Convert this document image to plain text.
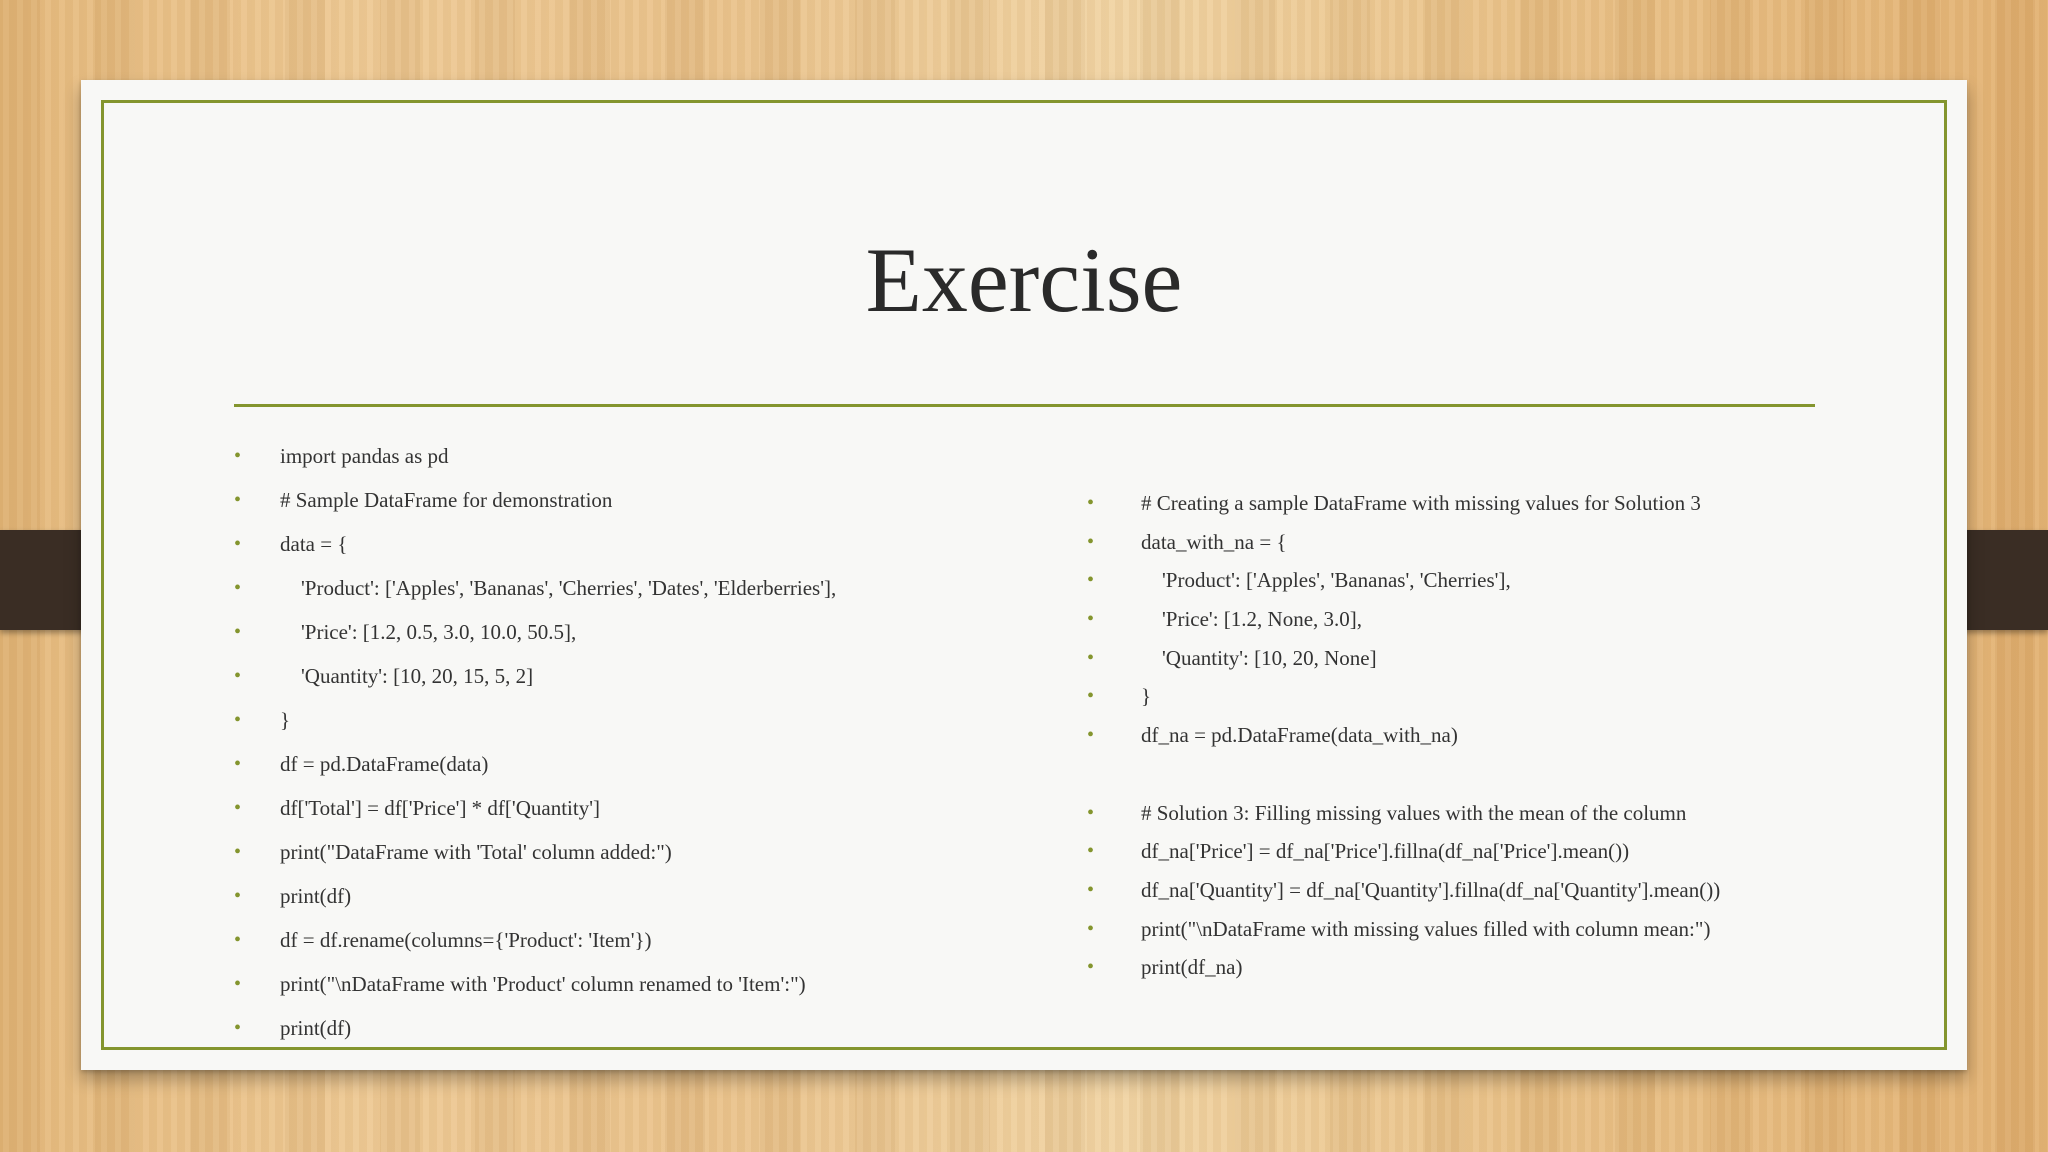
Exercise
• import pandas as pd
• # Sample DataFrame for demonstration
• data = {
• 'Product': ['Apples', 'Bananas', 'Cherries', 'Dates', 'Elderberries'],
• 'Price': [1.2, 0.5, 3.0, 10.0, 50.5],
• 'Quantity': [10, 20, 15, 5, 2]
• }
• df = pd.DataFrame(data)
• df['Total'] = df['Price'] * df['Quantity']
• print("DataFrame with 'Total' column added:")
• print(df)
• df = df.rename(columns={'Product': 'Item'})
• print("\nDataFrame with 'Product' column renamed to 'Item':")
• print(df)
• # Creating a sample DataFrame with missing values for Solution 3
• data_with_na = {
• 'Product': ['Apples', 'Bananas', 'Cherries'],
• 'Price': [1.2, None, 3.0],
• 'Quantity': [10, 20, None]
• }
• df_na = pd.DataFrame(data_with_na)
• # Solution 3: Filling missing values with the mean of the column
• df_na['Price'] = df_na['Price'].fillna(df_na['Price'].mean())
• df_na['Quantity'] = df_na['Quantity'].fillna(df_na['Quantity'].mean())
• print("\nDataFrame with missing values filled with column mean:")
• print(df_na)
